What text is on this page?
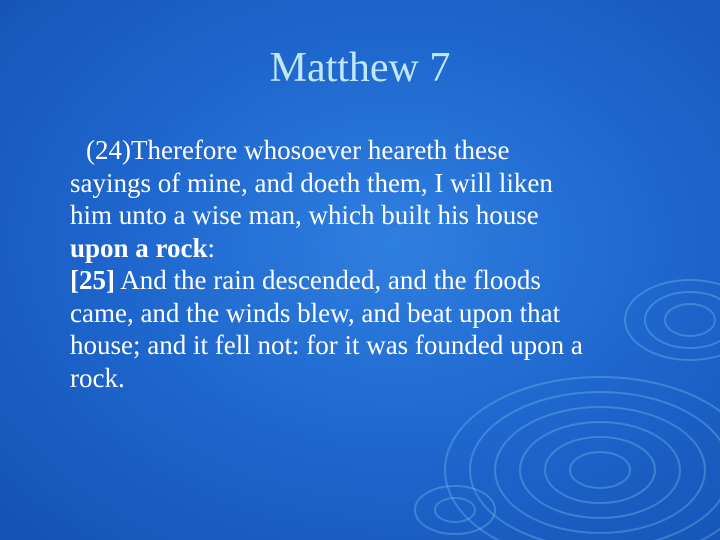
Matthew 7
(24)Therefore whosoever heareth these
sayings of mine, and doeth them, I will liken
him unto a wise man, which built his house
upon a rock:
[25] And the rain descended, and the floods
came, and the winds blew, and beat upon that
house; and it fell not: for it was founded upon a
rock.
